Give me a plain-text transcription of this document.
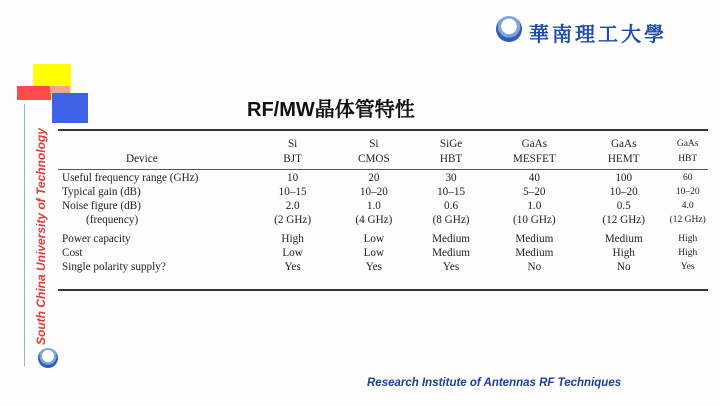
華南理工大學
South China University of Technology
RF/MW晶体管特性
	Si	Si	SiGe	GaAs	GaAs	GaAs
Device	BJT	CMOS	HBT	MESFET	HEMT	HBT

Useful frequency range (GHz)	10	20	30	40	100	60
Typical gain (dB)	10–15	10–20	10–15	5–20	10–20	10–20
Noise figure (dB)	2.0	1.0	0.6	1.0	0.5	4.0
(frequency)	(2 GHz)	(4 GHz)	(8 GHz)	(10 GHz)	(12 GHz)	(12 GHz)

Power capacity	High	Low	Medium	Medium	Medium	High
Cost	Low	Low	Medium	Medium	High	High
Single polarity supply?	Yes	Yes	Yes	No	No	Yes
Research Institute of Antennas RF Techniques
